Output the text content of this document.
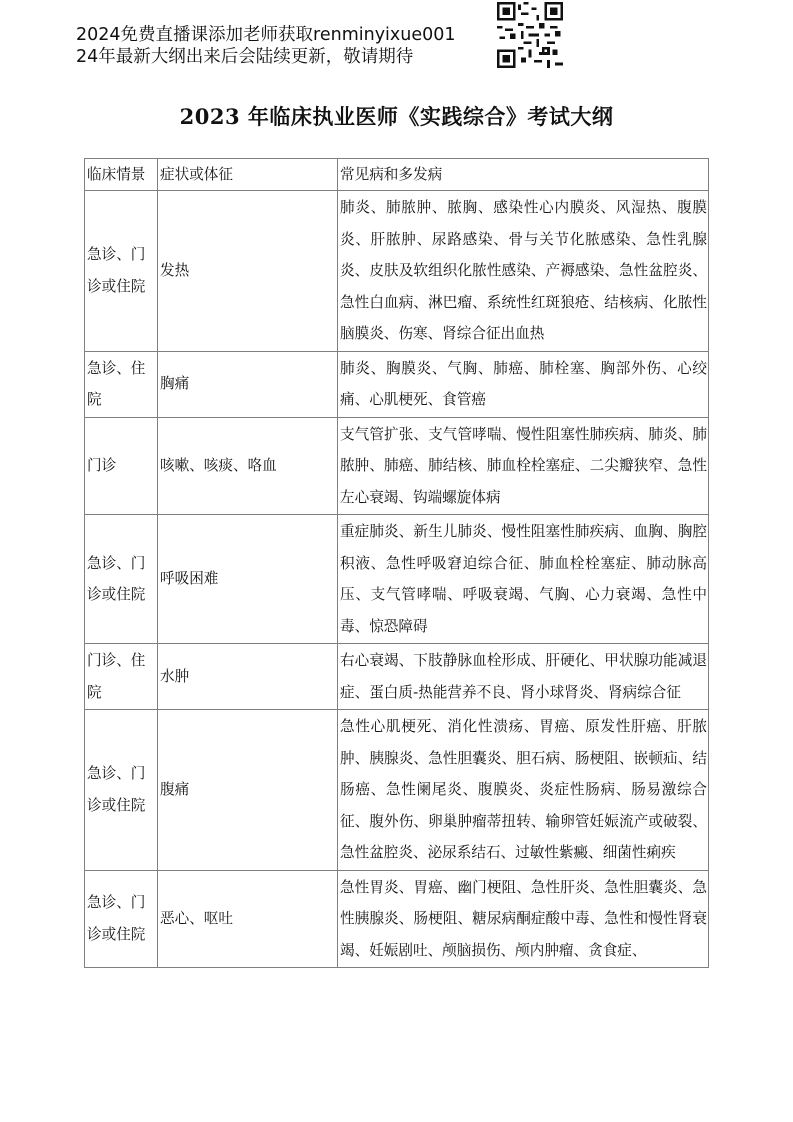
2024免费直播课添加老师获取renminyixue001
24年最新大纲出来后会陆续更新，敬请期待
2023 年临床执业医师《实践综合》考试大纲
临床情景	症状或体征	常见病和多发病
急诊、门诊或住院	发热	肺炎、肺脓肿、脓胸、感染性心内膜炎、风湿热、腹膜炎、肝脓肿、尿路感染、骨与关节化脓感染、急性乳腺炎、皮肤及软组织化脓性感染、产褥感染、急性盆腔炎、急性白血病、淋巴瘤、系统性红斑狼疮、结核病、化脓性脑膜炎、伤寒、肾综合征出血热
急诊、住院	胸痛	肺炎、胸膜炎、气胸、肺癌、肺栓塞、胸部外伤、心绞痛、心肌梗死、食管癌
门诊	咳嗽、咳痰、咯血	支气管扩张、支气管哮喘、慢性阻塞性肺疾病、肺炎、肺脓肿、肺癌、肺结核、肺血栓栓塞症、二尖瓣狭窄、急性左心衰竭、钩端螺旋体病
急诊、门诊或住院	呼吸困难	重症肺炎、新生儿肺炎、慢性阻塞性肺疾病、血胸、胸腔积液、急性呼吸窘迫综合征、肺血栓栓塞症、肺动脉高压、支气管哮喘、呼吸衰竭、气胸、心力衰竭、急性中毒、惊恐障碍
门诊、住院	水肿	右心衰竭、下肢静脉血栓形成、肝硬化、甲状腺功能减退症、蛋白质-热能营养不良、肾小球肾炎、肾病综合征
急诊、门诊或住院	腹痛	急性心肌梗死、消化性溃疡、胃癌、原发性肝癌、肝脓肿、胰腺炎、急性胆囊炎、胆石病、肠梗阻、嵌顿疝、结肠癌、急性阑尾炎、腹膜炎、炎症性肠病、肠易激综合征、腹外伤、卵巢肿瘤蒂扭转、输卵管妊娠流产或破裂、急性盆腔炎、泌尿系结石、过敏性紫癜、细菌性痢疾
急诊、门诊或住院	恶心、呕吐	急性胃炎、胃癌、幽门梗阻、急性肝炎、急性胆囊炎、急性胰腺炎、肠梗阻、糖尿病酮症酸中毒、急性和慢性肾衰竭、妊娠剧吐、颅脑损伤、颅内肿瘤、贪食症、
